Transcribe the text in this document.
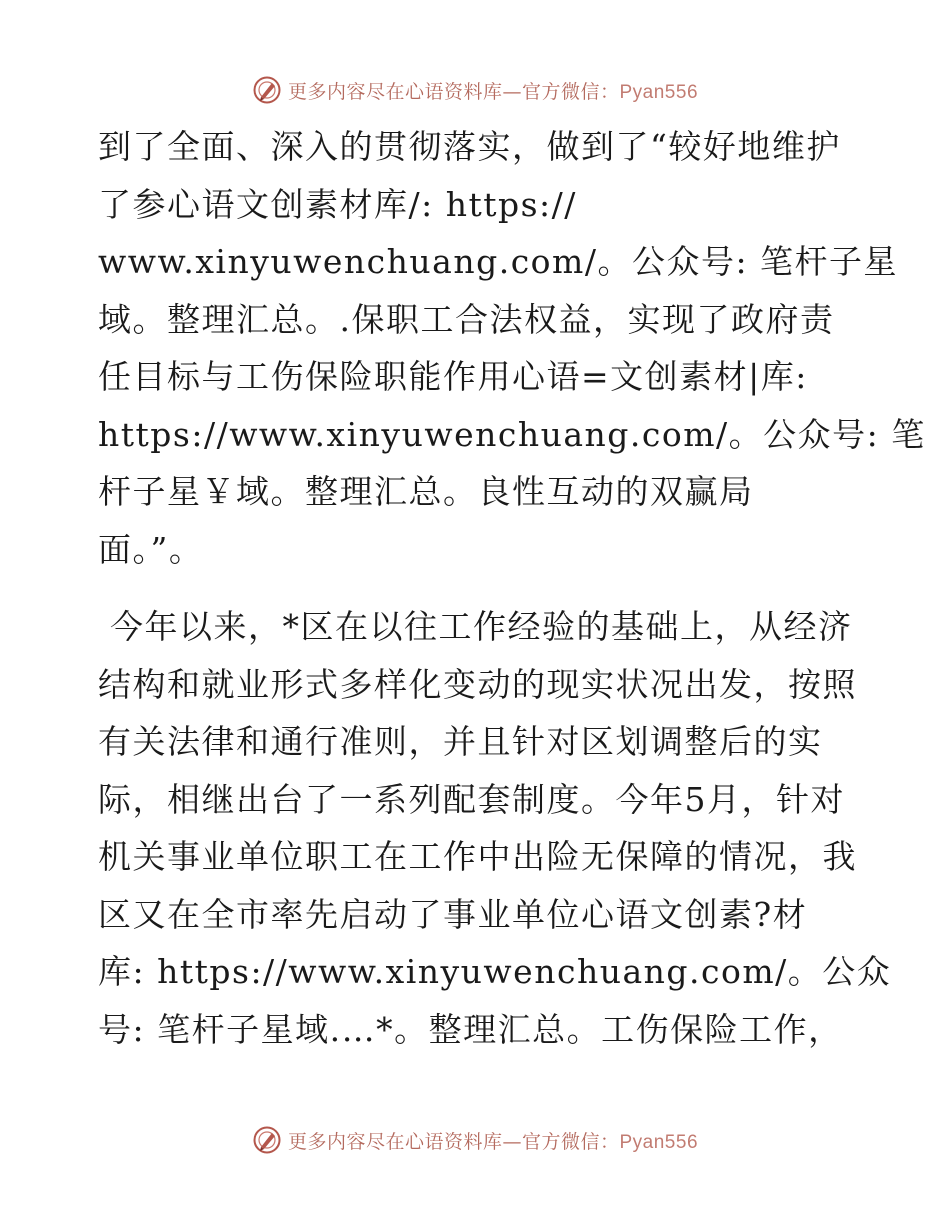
更多内容尽在心语资料库—官方微信：Pyan556
到了全面、深入的贯彻落实，做到了“较好地维护
了参心语文创素材库/: https://
www.xinyuwenchuang.com/。公众号: 笔杆子星
域。整理汇总。.保职工合法权益，实现了政府责
任目标与工伤保险职能作用心语=文创素材|库:
https://www.xinyuwenchuang.com/。公众号: 笔
杆子星￥域。整理汇总。良性互动的双赢局
面。”。
今年以来，*区在以往工作经验的基础上，从经济
结构和就业形式多样化变动的现实状况出发，按照
有关法律和通行准则，并且针对区划调整后的实
际，相继出台了一系列配套制度。今年5月，针对
机关事业单位职工在工作中出险无保障的情况，我
区又在全市率先启动了事业单位心语文创素?材
库: https://www.xinyuwenchuang.com/。公众
号: 笔杆子星域.…*。整理汇总。工伤保险工作，
更多内容尽在心语资料库—官方微信：Pyan556
